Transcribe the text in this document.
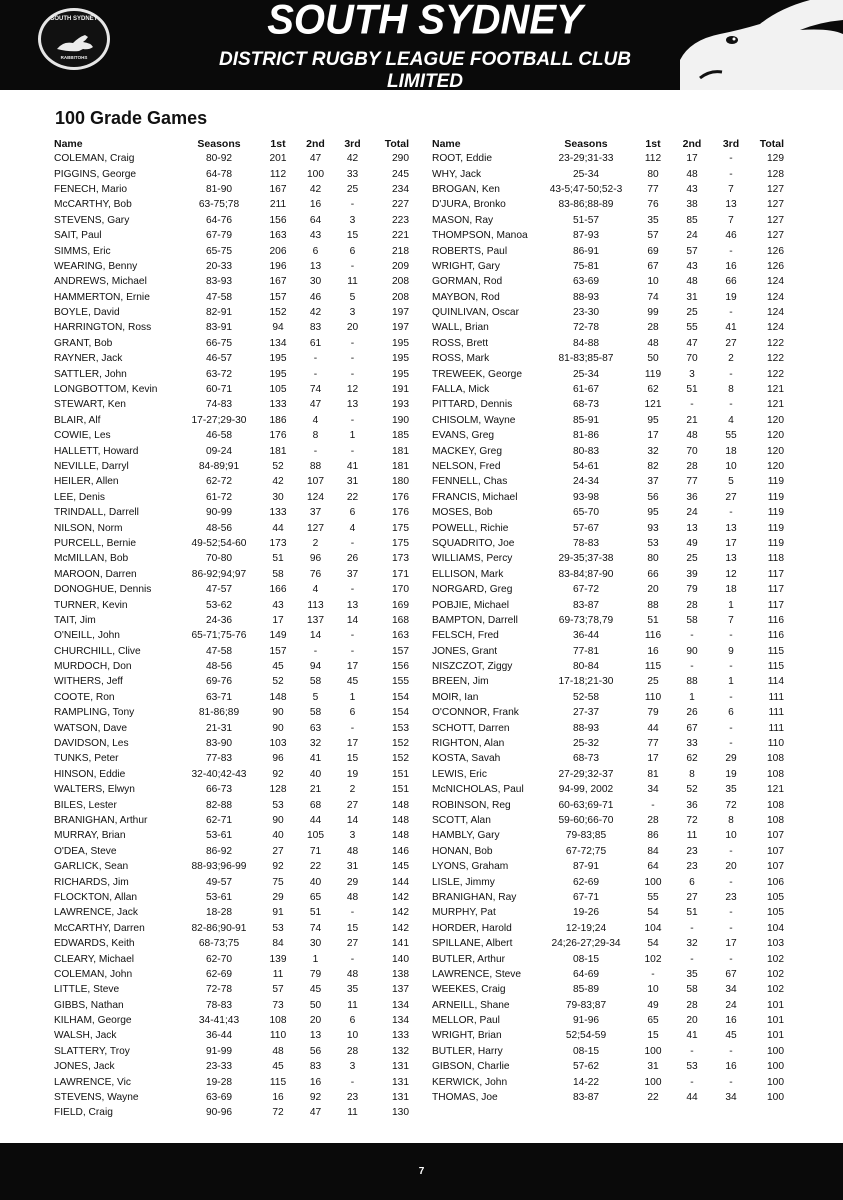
SOUTH SYDNEY
RABBITOHS
SOUTH SYDNEY
DISTRICT RUGBY LEAGUE FOOTBALL CLUB LIMITED
100 Grade Games
Name	Seasons	1st	2nd	3rd	Total
COLEMAN, Craig	80-92	201	47	42	290
PIGGINS, George	64-78	112	100	33	245
FENECH, Mario	81-90	167	42	25	234
McCARTHY, Bob	63-75;78	211	16	-	227
STEVENS, Gary	64-76	156	64	3	223
SAIT, Paul	67-79	163	43	15	221
SIMMS, Eric	65-75	206	6	6	218
WEARING, Benny	20-33	196	13	-	209
ANDREWS, Michael	83-93	167	30	11	208
HAMMERTON, Ernie	47-58	157	46	5	208
BOYLE, David	82-91	152	42	3	197
HARRINGTON, Ross	83-91	94	83	20	197
GRANT, Bob	66-75	134	61	-	195
RAYNER, Jack	46-57	195	-	-	195
SATTLER, John	63-72	195	-	-	195
LONGBOTTOM, Kevin	60-71	105	74	12	191
STEWART, Ken	74-83	133	47	13	193
BLAIR, Alf	17-27;29-30	186	4	-	190
COWIE, Les	46-58	176	8	1	185
HALLETT, Howard	09-24	181	-	-	181
NEVILLE, Darryl	84-89;91	52	88	41	181
HEILER, Allen	62-72	42	107	31	180
LEE, Denis	61-72	30	124	22	176
TRINDALL, Darrell	90-99	133	37	6	176
NILSON, Norm	48-56	44	127	4	175
PURCELL, Bernie	49-52;54-60	173	2	-	175
McMILLAN, Bob	70-80	51	96	26	173
MAROON, Darren	86-92;94;97	58	76	37	171
DONOGHUE, Dennis	47-57	166	4	-	170
TURNER, Kevin	53-62	43	113	13	169
TAIT, Jim	24-36	17	137	14	168
O'NEILL, John	65-71;75-76	149	14	-	163
CHURCHILL, Clive	47-58	157	-	-	157
MURDOCH, Don	48-56	45	94	17	156
WITHERS, Jeff	69-76	52	58	45	155
COOTE, Ron	63-71	148	5	1	154
RAMPLING, Tony	81-86;89	90	58	6	154
WATSON, Dave	21-31	90	63	-	153
DAVIDSON, Les	83-90	103	32	17	152
TUNKS, Peter	77-83	96	41	15	152
HINSON, Eddie	32-40;42-43	92	40	19	151
WALTERS, Elwyn	66-73	128	21	2	151
BILES, Lester	82-88	53	68	27	148
BRANIGHAN, Arthur	62-71	90	44	14	148
MURRAY, Brian	53-61	40	105	3	148
O'DEA, Steve	86-92	27	71	48	146
GARLICK, Sean	88-93;96-99	92	22	31	145
RICHARDS, Jim	49-57	75	40	29	144
FLOCKTON, Allan	53-61	29	65	48	142
LAWRENCE, Jack	18-28	91	51	-	142
McCARTHY, Darren	82-86;90-91	53	74	15	142
EDWARDS, Keith	68-73;75	84	30	27	141
CLEARY, Michael	62-70	139	1	-	140
COLEMAN, John	62-69	11	79	48	138
LITTLE, Steve	72-78	57	45	35	137
GIBBS, Nathan	78-83	73	50	11	134
KILHAM, George	34-41;43	108	20	6	134
WALSH, Jack	36-44	110	13	10	133
SLATTERY, Troy	91-99	48	56	28	132
JONES, Jack	23-33	45	83	3	131
LAWRENCE, Vic	19-28	115	16	-	131
STEVENS, Wayne	63-69	16	92	23	131
FIELD, Craig	90-96	72	47	11	130
Name	Seasons	1st	2nd	3rd	Total
ROOT, Eddie	23-29;31-33	112	17	-	129
WHY, Jack	25-34	80	48	-	128
BROGAN, Ken	43-5;47-50;52-3	77	43	7	127
D'JURA, Bronko	83-86;88-89	76	38	13	127
MASON, Ray	51-57	35	85	7	127
THOMPSON, Manoa	87-93	57	24	46	127
ROBERTS, Paul	86-91	69	57	-	126
WRIGHT, Gary	75-81	67	43	16	126
GORMAN, Rod	63-69	10	48	66	124
MAYBON, Rod	88-93	74	31	19	124
QUINLIVAN, Oscar	23-30	99	25	-	124
WALL, Brian	72-78	28	55	41	124
ROSS, Brett	84-88	48	47	27	122
ROSS, Mark	81-83;85-87	50	70	2	122
TREWEEK, George	25-34	119	3	-	122
FALLA, Mick	61-67	62	51	8	121
PITTARD, Dennis	68-73	121	-	-	121
CHISOLM, Wayne	85-91	95	21	4	120
EVANS, Greg	81-86	17	48	55	120
MACKEY, Greg	80-83	32	70	18	120
NELSON, Fred	54-61	82	28	10	120
FENNELL, Chas	24-34	37	77	5	119
FRANCIS, Michael	93-98	56	36	27	119
MOSES, Bob	65-70	95	24	-	119
POWELL, Richie	57-67	93	13	13	119
SQUADRITO, Joe	78-83	53	49	17	119
WILLIAMS, Percy	29-35;37-38	80	25	13	118
ELLISON, Mark	83-84;87-90	66	39	12	117
NORGARD, Greg	67-72	20	79	18	117
POBJIE, Michael	83-87	88	28	1	117
BAMPTON, Darrell	69-73;78,79	51	58	7	116
FELSCH, Fred	36-44	116	-	-	116
JONES, Grant	77-81	16	90	9	115
NISZCZOT, Ziggy	80-84	115	-	-	115
BREEN, Jim	17-18;21-30	25	88	1	114
MOIR, Ian	52-58	110	1	-	111
O'CONNOR, Frank	27-37	79	26	6	111
SCHOTT, Darren	88-93	44	67	-	111
RIGHTON, Alan	25-32	77	33	-	110
KOSTA, Savah	68-73	17	62	29	108
LEWIS, Eric	27-29;32-37	81	8	19	108
McNICHOLAS, Paul	94-99, 2002	34	52	35	121
ROBINSON, Reg	60-63;69-71	-	36	72	108
SCOTT, Alan	59-60;66-70	28	72	8	108
HAMBLY, Gary	79-83;85	86	11	10	107
HONAN, Bob	67-72;75	84	23	-	107
LYONS, Graham	87-91	64	23	20	107
LISLE, Jimmy	62-69	100	6	-	106
BRANIGHAN, Ray	67-71	55	27	23	105
MURPHY, Pat	19-26	54	51	-	105
HORDER, Harold	12-19;24	104	-	-	104
SPILLANE, Albert	24;26-27;29-34	54	32	17	103
BUTLER, Arthur	08-15	102	-	-	102
LAWRENCE, Steve	64-69	-	35	67	102
WEEKES, Craig	85-89	10	58	34	102
ARNEILL, Shane	79-83;87	49	28	24	101
MELLOR, Paul	91-96	65	20	16	101
WRIGHT, Brian	52;54-59	15	41	45	101
BUTLER, Harry	08-15	100	-	-	100
GIBSON, Charlie	57-62	31	53	16	100
KERWICK, John	14-22	100	-	-	100
THOMAS, Joe	83-87	22	44	34	100
7
